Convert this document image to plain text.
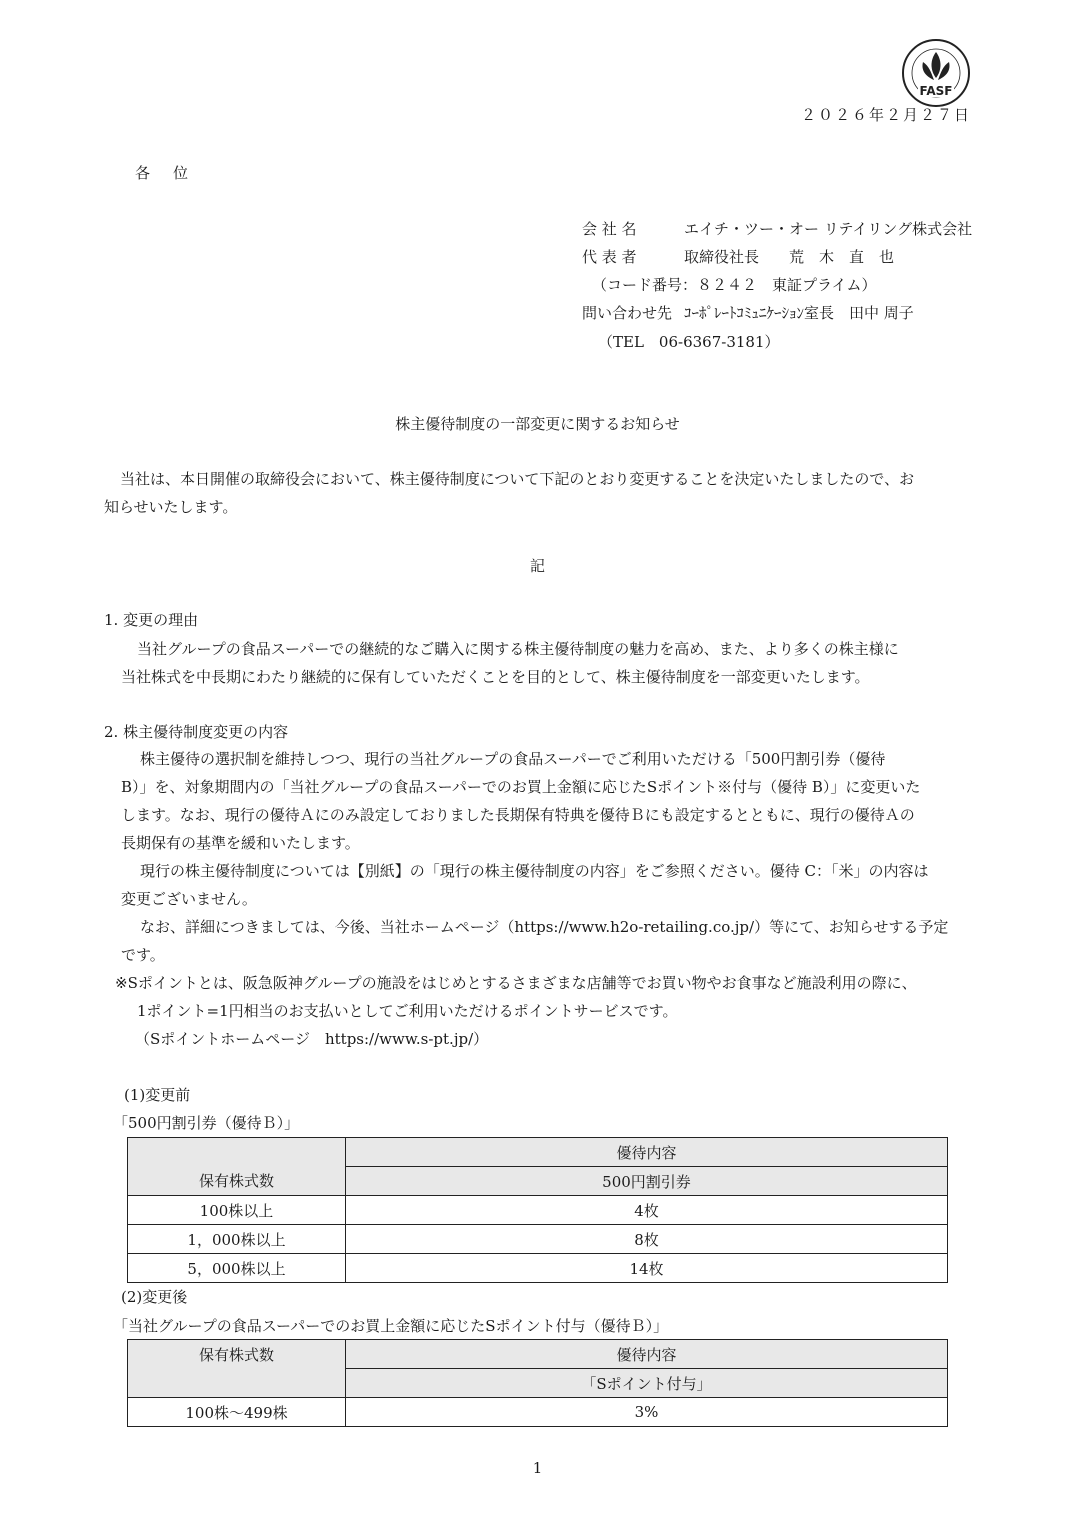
FASF
２０２６年２月２７日
各　位
会 社 名	エイチ・ツー・オー リテイリング株式会社
代 表 者	取締役社長　　荒　木　直　也
（コード番号：８２４２　東証プライム）
問い合わせ先 ｺｰﾎﾟﾚｰﾄｺﾐｭﾆｹｰｼｮﾝ室長　田中 周子
（TEL　06-6367-3181）
株主優待制度の一部変更に関するお知らせ
当社は、本日開催の取締役会において、株主優待制度について下記のとおり変更することを決定いたしましたので、お
知らせいたします。
記
1. 変更の理由
当社グループの食品スーパーでの継続的なご購入に関する株主優待制度の魅力を高め、また、より多くの株主様に
当社株式を中長期にわたり継続的に保有していただくことを目的として、株主優待制度を一部変更いたします。
2. 株主優待制度変更の内容
株主優待の選択制を維持しつつ、現行の当社グループの食品スーパーでご利用いただける「500円割引券（優待
B）」を、対象期間内の「当社グループの食品スーパーでのお買上金額に応じたSポイント※付与（優待 B）」に変更いた
します。なお、現行の優待Ａにのみ設定しておりました長期保有特典を優待Ｂにも設定するとともに、現行の優待Ａの
長期保有の基準を緩和いたします。
現行の株主優待制度については【別紙】の「現行の株主優待制度の内容」をご参照ください。優待 C：「米」の内容は
変更ございません。
なお、詳細につきましては、今後、当社ホームページ（https://www.h2o-retailing.co.jp/）等にて、お知らせする予定
です。
※Sポイントとは、阪急阪神グループの施設をはじめとするさまざまな店舗等でお買い物やお食事など施設利用の際に、
1ポイント=1円相当のお支払いとしてご利用いただけるポイントサービスです。
（Sポイントホームページ　https://www.s-pt.jp/）
(1)変更前
「500円割引券（優待Ｂ）」
保有株式数	優待内容
	500円割引券
100株以上	4枚
1，000株以上	8枚
5，000株以上	14枚
(2)変更後
「当社グループの食品スーパーでのお買上金額に応じたSポイント付与（優待Ｂ）」
保有株式数	優待内容
	「Sポイント付与」
100株～499株	3%
1
